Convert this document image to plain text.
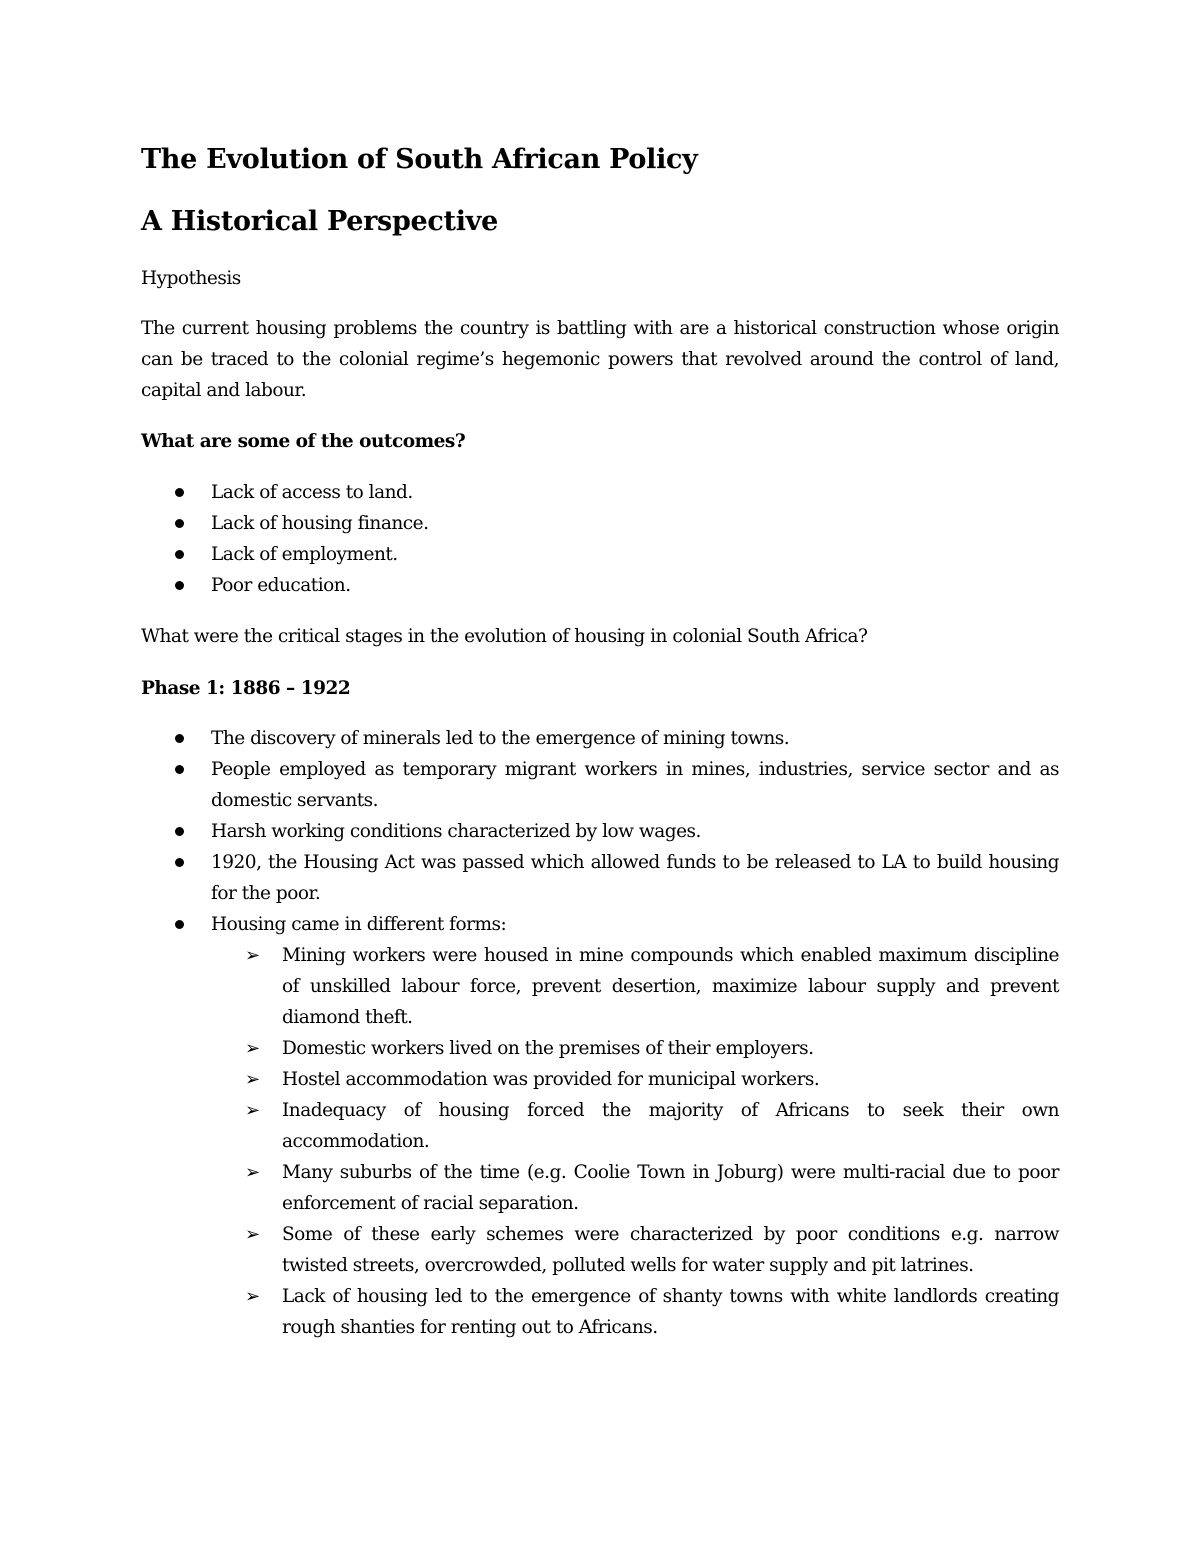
The Evolution of South African Policy
A Historical Perspective

Hypothesis

The current housing problems the country is battling with are a historical construction whose origin can be traced to the colonial regime’s hegemonic powers that revolved around the control of land, capital and labour.

What are some of the outcomes?

Lack of access to land.
Lack of housing finance.
Lack of employment.
Poor education.

What were the critical stages in the evolution of housing in colonial South Africa?

Phase 1: 1886 – 1922

The discovery of minerals led to the emergence of mining towns.
People employed as temporary migrant workers in mines, industries, service sector and as domestic servants.
Harsh working conditions characterized by low wages.
1920, the Housing Act was passed which allowed funds to be released to LA to build housing for the poor.
Housing came in different forms:
➢ Mining workers were housed in mine compounds which enabled maximum discipline of unskilled labour force, prevent desertion, maximize labour supply and prevent diamond theft.
➢ Domestic workers lived on the premises of their employers.
➢ Hostel accommodation was provided for municipal workers.
➢ Inadequacy of housing forced the majority of Africans to seek their own accommodation.
➢ Many suburbs of the time (e.g. Coolie Town in Joburg) were multi-racial due to poor enforcement of racial separation.
➢ Some of these early schemes were characterized by poor conditions e.g. narrow twisted streets, overcrowded, polluted wells for water supply and pit latrines.
➢ Lack of housing led to the emergence of shanty towns with white landlords creating rough shanties for renting out to Africans.
